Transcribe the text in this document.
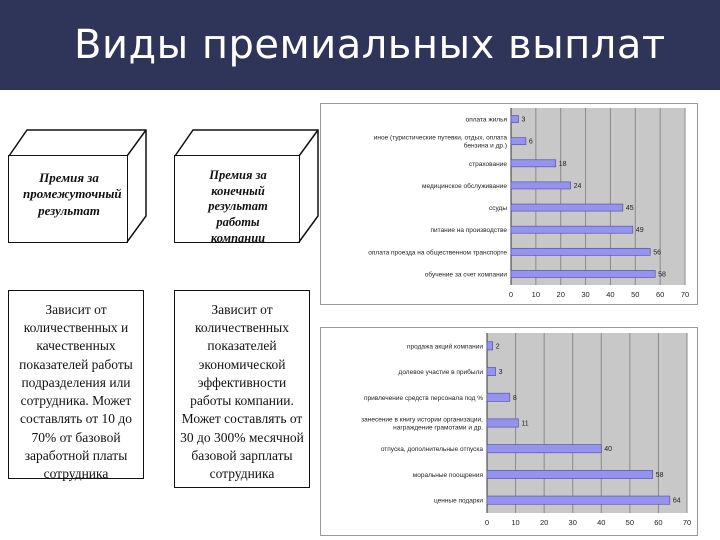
Виды премиальных выплат
Премия за промежуточный результат
Премия за конечный результат работы компании
Зависит от количественных и качественных показателей работы подразделения или сотрудника. Может составлять от 10 до 70% от базовой заработной платы сотрудника
Зависит от количественных показателей экономической эффективности работы компании. Может составлять от 30 до 300% месячной базовой зарплаты сотрудника
0 10 20 30 40 50 60 70
3
оплата жилья
6
иное (туристические путевки, отдых, оплата
бензина и др.)
18
страхование
24
медицинское обслуживание
45
ссуды
49
питание на производстве
56
оплата проезда на общественном транспорте
58
обучение за счет компании
0	10	20	30	40	50	60	70
2
продажа акций компании
3
долевое участие в прибыли
8
привлечение средств персонала под %
11
занесение в книгу истории организации,
награждение грамотами и др.
40
отпуска, дополнительные отпуска
58
моральные поощрения
64
ценные подарки
